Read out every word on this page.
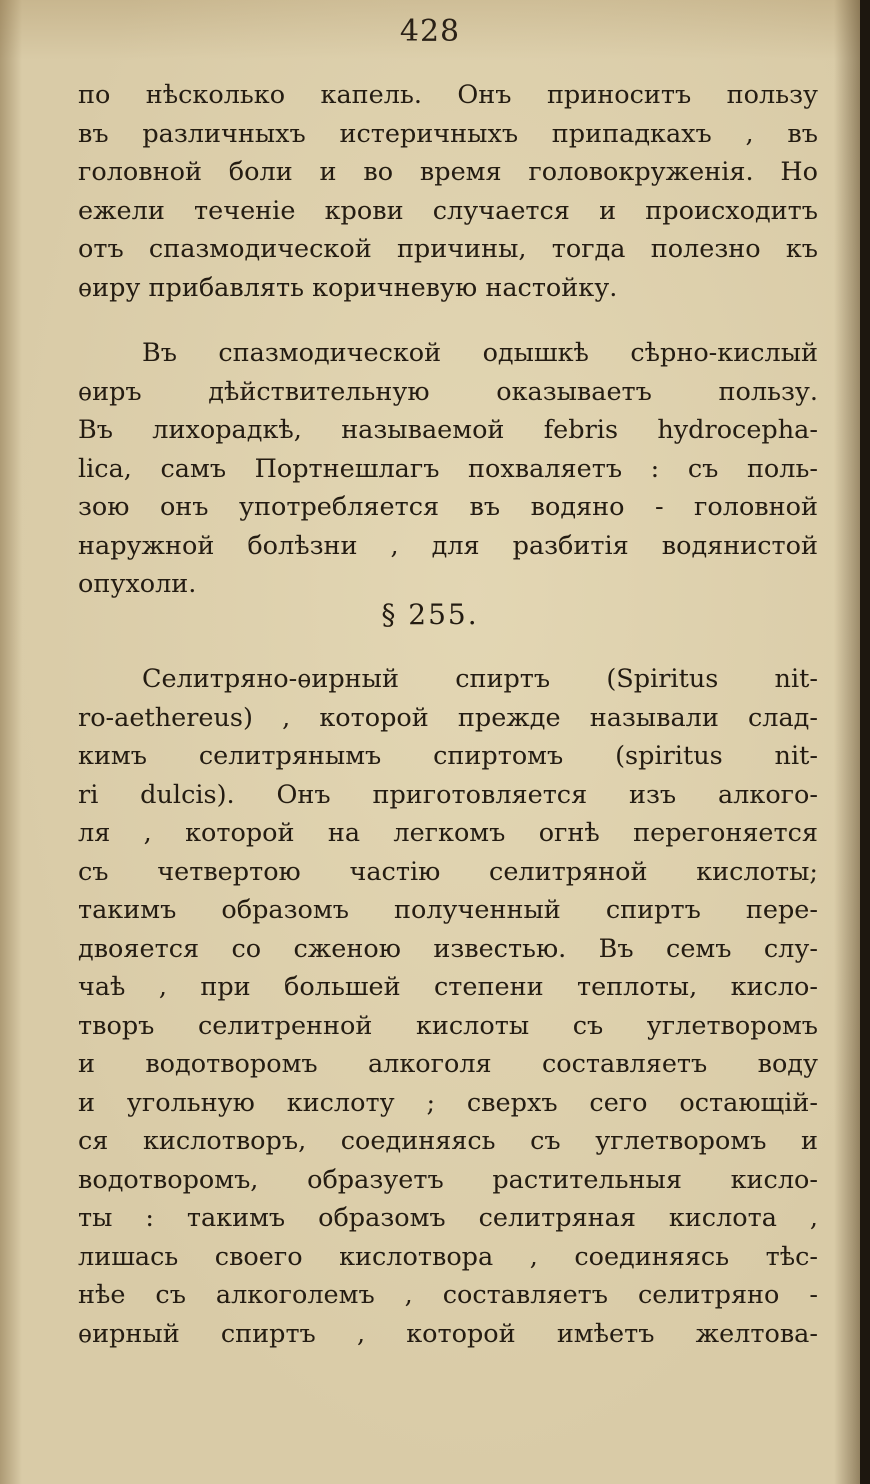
428
по нѣсколько капель. Онъ приноситъ пользу
въ различныхъ истеричныхъ припадкахъ , въ
головной боли и во время головокруженія. Но
ежели теченіе крови случается и происходитъ
отъ спазмодической причины, тогда полезно къ
ѳиру прибавлять коричневую настойку.
Въ спазмодической одышкѣ сѣрно-кислый
ѳиръ дѣйствительную оказываетъ пользу.
Въ лихорадкѣ, называемой febris hydrocepha-
lica, самъ Портнешлагъ похваляетъ : съ поль-
зою онъ употребляется въ водяно - головной
наружной болѣзни , для разбитія водянистой
опухоли.
§ 255.
Селитряно-ѳирный спиртъ (Spiritus nit-
ro-aethereus) , которой прежде называли слад-
кимъ селитрянымъ спиртомъ (spiritus nit-
ri dulcis). Онъ приготовляется изъ алкого-
ля , которой на легкомъ огнѣ перегоняется
съ четвертою частію селитряной кислоты;
такимъ образомъ полученный спиртъ пере-
двояется со сженою известью. Въ семъ слу-
чаѣ , при большей степени теплоты, кисло-
творъ селитренной кислоты съ углетворомъ
и водотворомъ алкоголя составляетъ воду
и угольную кислоту ; сверхъ сего остающій-
ся кислотворъ, соединяясь съ углетворомъ и
водотворомъ, образуетъ растительныя кисло-
ты : такимъ образомъ селитряная кислота ,
лишась своего кислотвора , соединяясь тѣс-
нѣе съ алкоголемъ , составляетъ селитряно -
ѳирный спиртъ , которой имѣетъ желтова-
